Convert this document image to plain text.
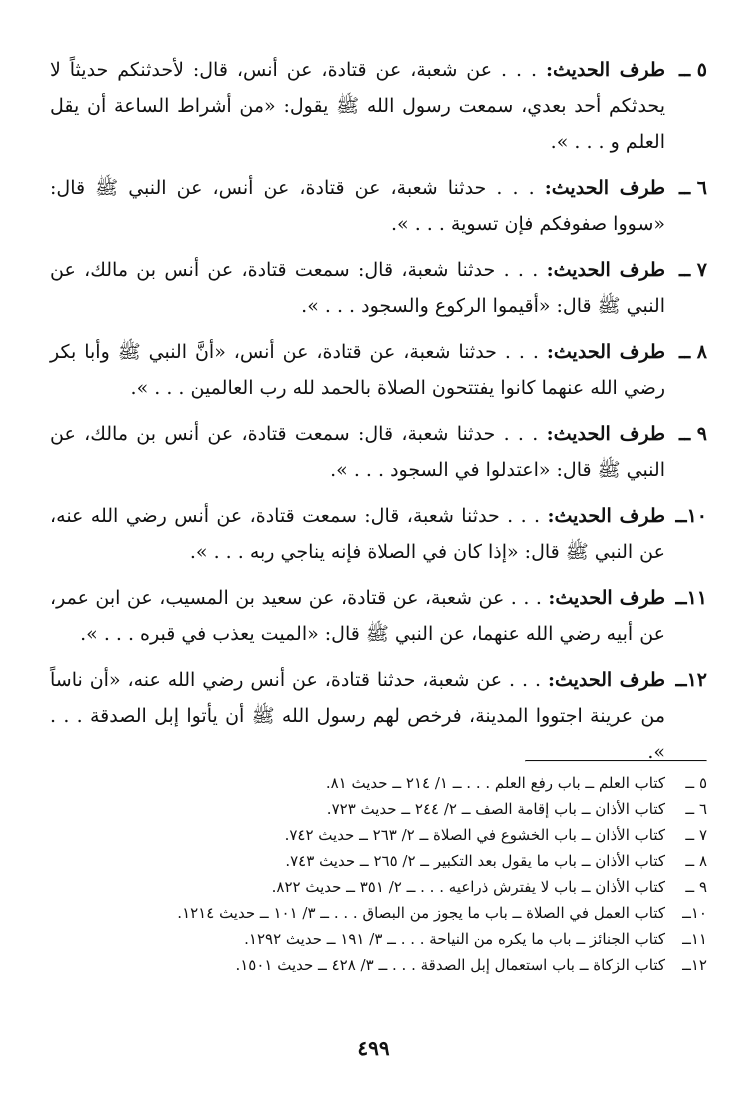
٥ ــ
طرف الحديث: . . . عن شعبة، عن قتادة، عن أنس، قال: لأحدثنكم حديثاً لا يحدثكم أحد بعدي، سمعت رسول الله ﷺ يقول: «من أشراط الساعة أن يقل العلم و . . . ».
٦ ــ
طرف الحديث: . . . حدثنا شعبة، عن قتادة، عن أنس، عن النبي ﷺ قال: «سووا صفوفكم فإن تسوية . . . ».
٧ ــ
طرف الحديث: . . . حدثنا شعبة، قال: سمعت قتادة، عن أنس بن مالك، عن النبي ﷺ قال: «أقيموا الركوع والسجود . . . ».
٨ ــ
طرف الحديث: . . . حدثنا شعبة، عن قتادة، عن أنس، «أنَّ النبي ﷺ وأبا بكر رضي الله عنهما كانوا يفتتحون الصلاة بالحمد لله رب العالمين . . . ».
٩ ــ
طرف الحديث: . . . حدثنا شعبة، قال: سمعت قتادة، عن أنس بن مالك، عن النبي ﷺ قال: «اعتدلوا في السجود . . . ».
١٠ــ
طرف الحديث: . . . حدثنا شعبة، قال: سمعت قتادة، عن أنس رضي الله عنه، عن النبي ﷺ قال: «إذا كان في الصلاة فإنه يناجي ربه . . . ».
١١ــ
طرف الحديث: . . . عن شعبة، عن قتادة، عن سعيد بن المسيب، عن ابن عمر، عن أبيه رضي الله عنهما، عن النبي ﷺ قال: «الميت يعذب في قبره . . . ».
١٢ــ
طرف الحديث: . . . عن شعبة، حدثنا قتادة، عن أنس رضي الله عنه، «أن ناساً من عرينة اجتووا المدينة، فرخص لهم رسول الله ﷺ أن يأتوا إبل الصدقة . . . ».
٥ ــ
كتاب العلم ــ باب رفع العلم . . . ــ ١/ ٢١٤ ــ حديث ٨١.
٦ ــ
كتاب الأذان ــ باب إقامة الصف ــ ٢/ ٢٤٤ ــ حديث ٧٢٣.
٧ ــ
كتاب الأذان ــ باب الخشوع في الصلاة ــ ٢/ ٢٦٣ ــ حديث ٧٤٢.
٨ ــ
كتاب الأذان ــ باب ما يقول بعد التكبير ــ ٢/ ٢٦٥ ــ حديث ٧٤٣.
٩ ــ
كتاب الأذان ــ باب لا يفترش ذراعيه . . . ــ ٢/ ٣٥١ ــ حديث ٨٢٢.
١٠ــ
كتاب العمل في الصلاة ــ باب ما يجوز من البصاق . . . ــ ٣/ ١٠١ ــ حديث ١٢١٤.
١١ــ
كتاب الجنائز ــ باب ما يكره من النياحة . . . ــ ٣/ ١٩١ ــ حديث ١٢٩٢.
١٢ــ
كتاب الزكاة ــ باب استعمال إبل الصدقة . . . ــ ٣/ ٤٢٨ ــ حديث ١٥٠١.
٤٩٩
